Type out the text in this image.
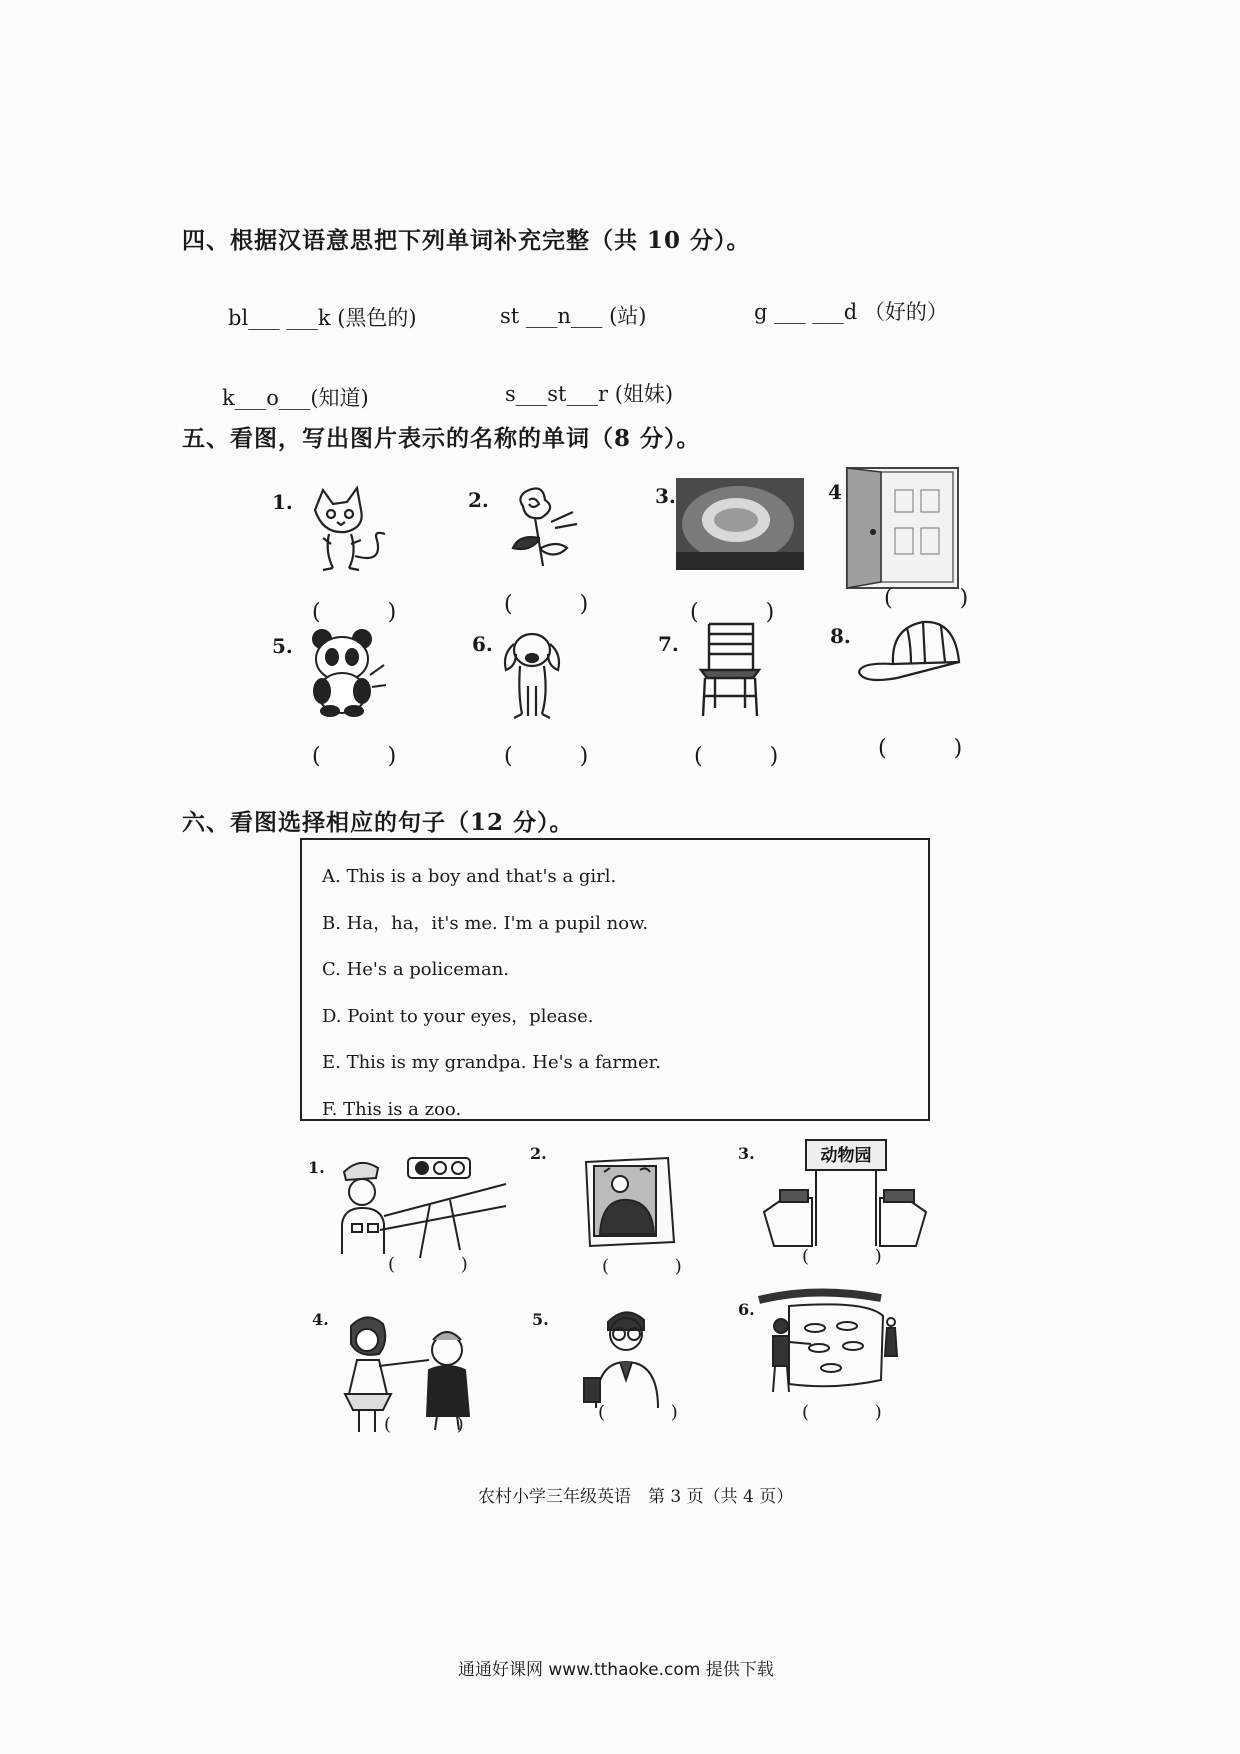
四、根据汉语意思把下列单词补充完整（共 10 分）。
bl___ ___k (黑色的)	st ___n___ (站)	g ___ ___d （好的）
k___o___(知道)	s___st___r (姐妹)
五、看图，写出图片表示的名称的单词（8 分）。
1.	2.	3.	4
( )	( )	( )
( )
5.	6.	7.	8.
( )	( )	( )	( )
六、看图选择相应的句子（12 分）。
A. This is a boy and that's a girl.
B. Ha，ha，it's me. I'm a pupil now.
C. He's a policeman.
D. Point to your eyes，please.
E. This is my grandpa. He's a farmer.
F. This is a zoo.
1.
2.	3.	动物园
( )	( )	( )
4.	5.
6.
( )
( )	( )
农村小学三年级英语　第 3 页（共 4 页）
通通好课网 www.tthaoke.com 提供下载
